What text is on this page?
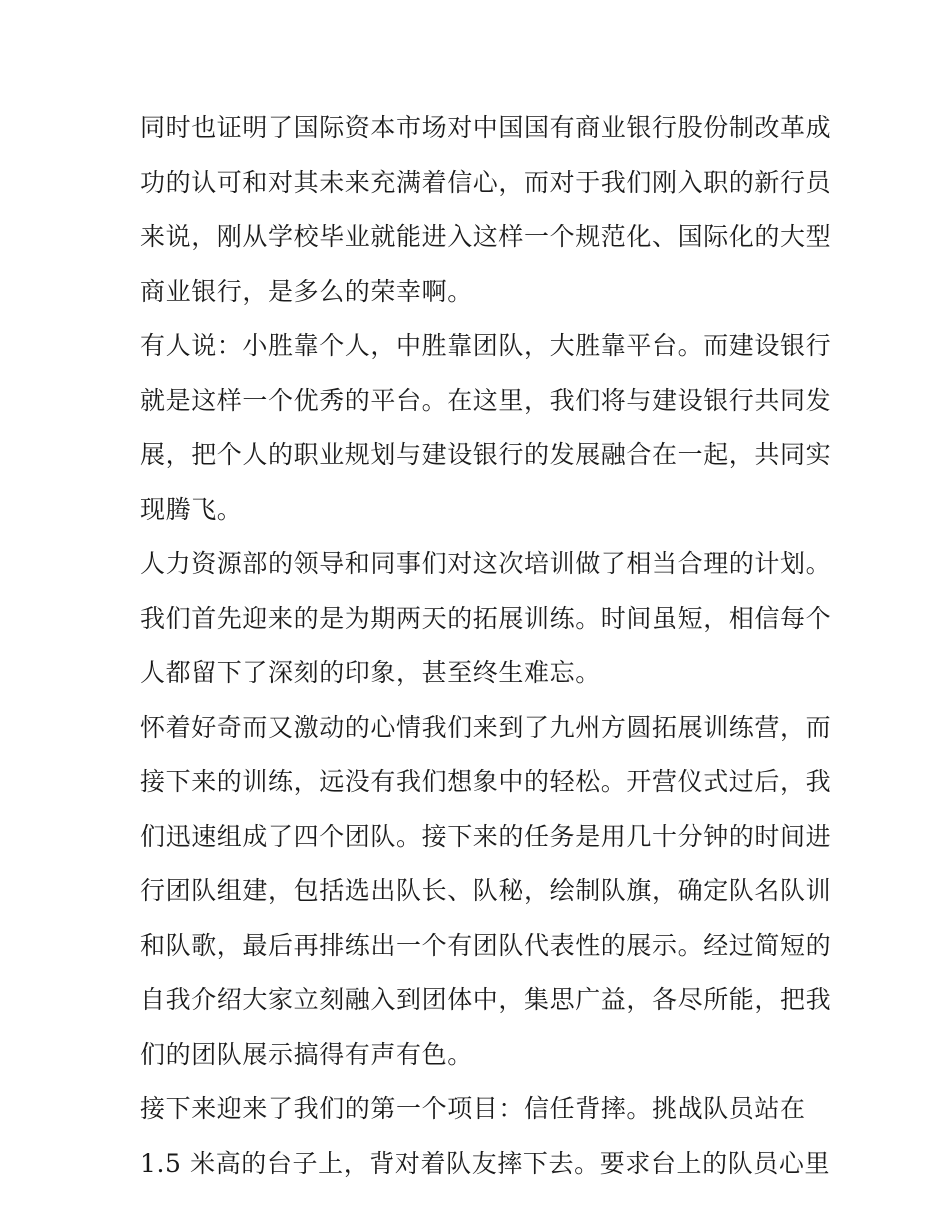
同时也证明了国际资本市场对中国国有商业银行股份制改革成
功的认可和对其未来充满着信心，而对于我们刚入职的新行员
来说，刚从学校毕业就能进入这样一个规范化、国际化的大型
商业银行，是多么的荣幸啊。
有人说：小胜靠个人，中胜靠团队，大胜靠平台。而建设银行
就是这样一个优秀的平台。在这里，我们将与建设银行共同发
展，把个人的职业规划与建设银行的发展融合在一起，共同实
现腾飞。
人力资源部的领导和同事们对这次培训做了相当合理的计划。
我们首先迎来的是为期两天的拓展训练。时间虽短，相信每个
人都留下了深刻的印象，甚至终生难忘。
怀着好奇而又激动的心情我们来到了九州方圆拓展训练营，而
接下来的训练，远没有我们想象中的轻松。开营仪式过后，我
们迅速组成了四个团队。接下来的任务是用几十分钟的时间进
行团队组建，包括选出队长、队秘，绘制队旗，确定队名队训
和队歌，最后再排练出一个有团队代表性的展示。经过简短的
自我介绍大家立刻融入到团体中，集思广益，各尽所能，把我
们的团队展示搞得有声有色。
接下来迎来了我们的第一个项目：信任背摔。挑战队员站在
1.5 米高的台子上，背对着队友摔下去。要求台上的队员心里
